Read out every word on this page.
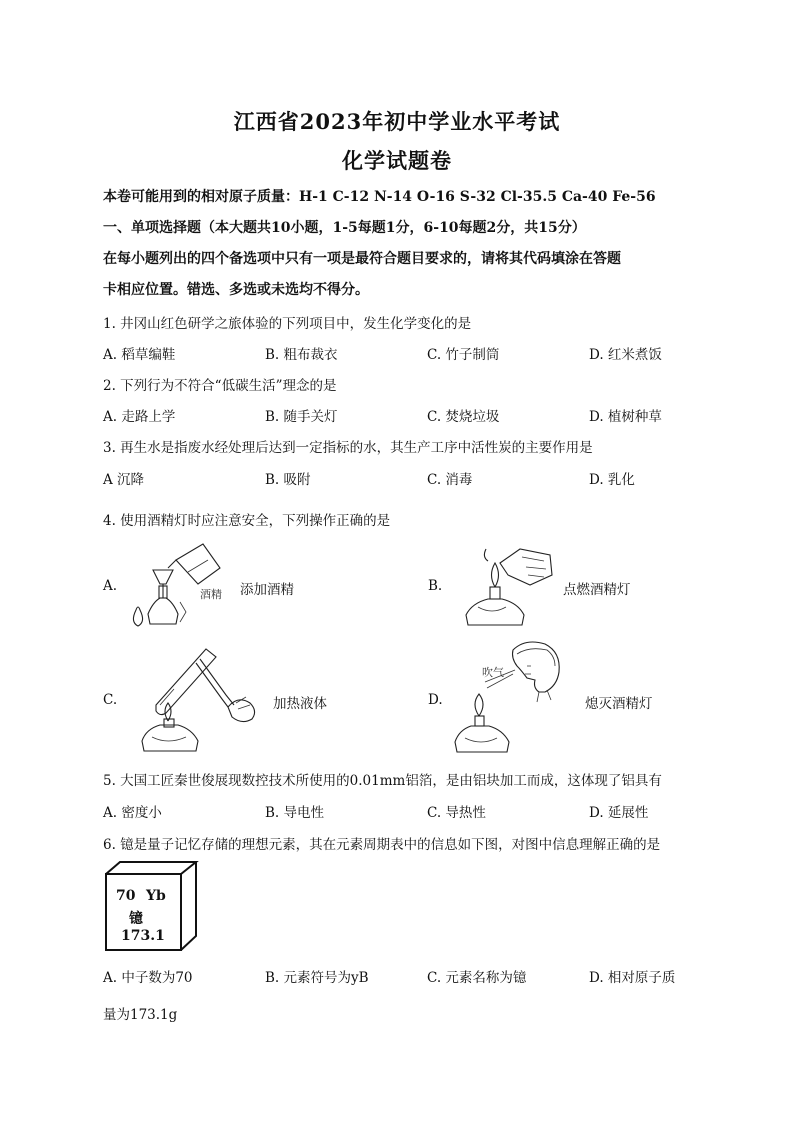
江西省2023年初中学业水平考试
化学试题卷
本卷可能用到的相对原子质量：H-1 C-12 N-14 O-16 S-32 Cl-35.5 Ca-40 Fe-56
一、单项选择题（本大题共10小题，1-5每题1分，6-10每题2分，共15分）
在每小题列出的四个备选项中只有一项是最符合题目要求的，请将其代码填涂在答题
卡相应位置。错选、多选或未选均不得分。
1. 井冈山红色研学之旅体验的下列项目中，发生化学变化的是
A. 稻草编鞋	B. 粗布裁衣	C. 竹子制筒	D. 红米煮饭
2. 下列行为不符合“低碳生活”理念的是
A. 走路上学	B. 随手关灯	C. 焚烧垃圾	D. 植树种草
3. 再生水是指废水经处理后达到一定指标的水，其生产工序中活性炭的主要作用是
A 沉降	B. 吸附	C. 消毒	D. 乳化
4. 使用酒精灯时应注意安全，下列操作正确的是
A.
酒精 添加酒精	B.	点燃酒精灯
C.	加热液体	D.
吹气
熄灭酒精灯
5. 大国工匠秦世俊展现数控技术所使用的0.01mm铝箔，是由铝块加工而成，这体现了铝具有
A. 密度小	B. 导电性	C. 导热性	D. 延展性
6. 镱是量子记忆存储的理想元素，其在元素周期表中的信息如下图，对图中信息理解正确的是
70 Yb
镱
173.1
A. 中子数为70	B. 元素符号为yB	C. 元素名称为镱	D. 相对原子质
量为173.1g
